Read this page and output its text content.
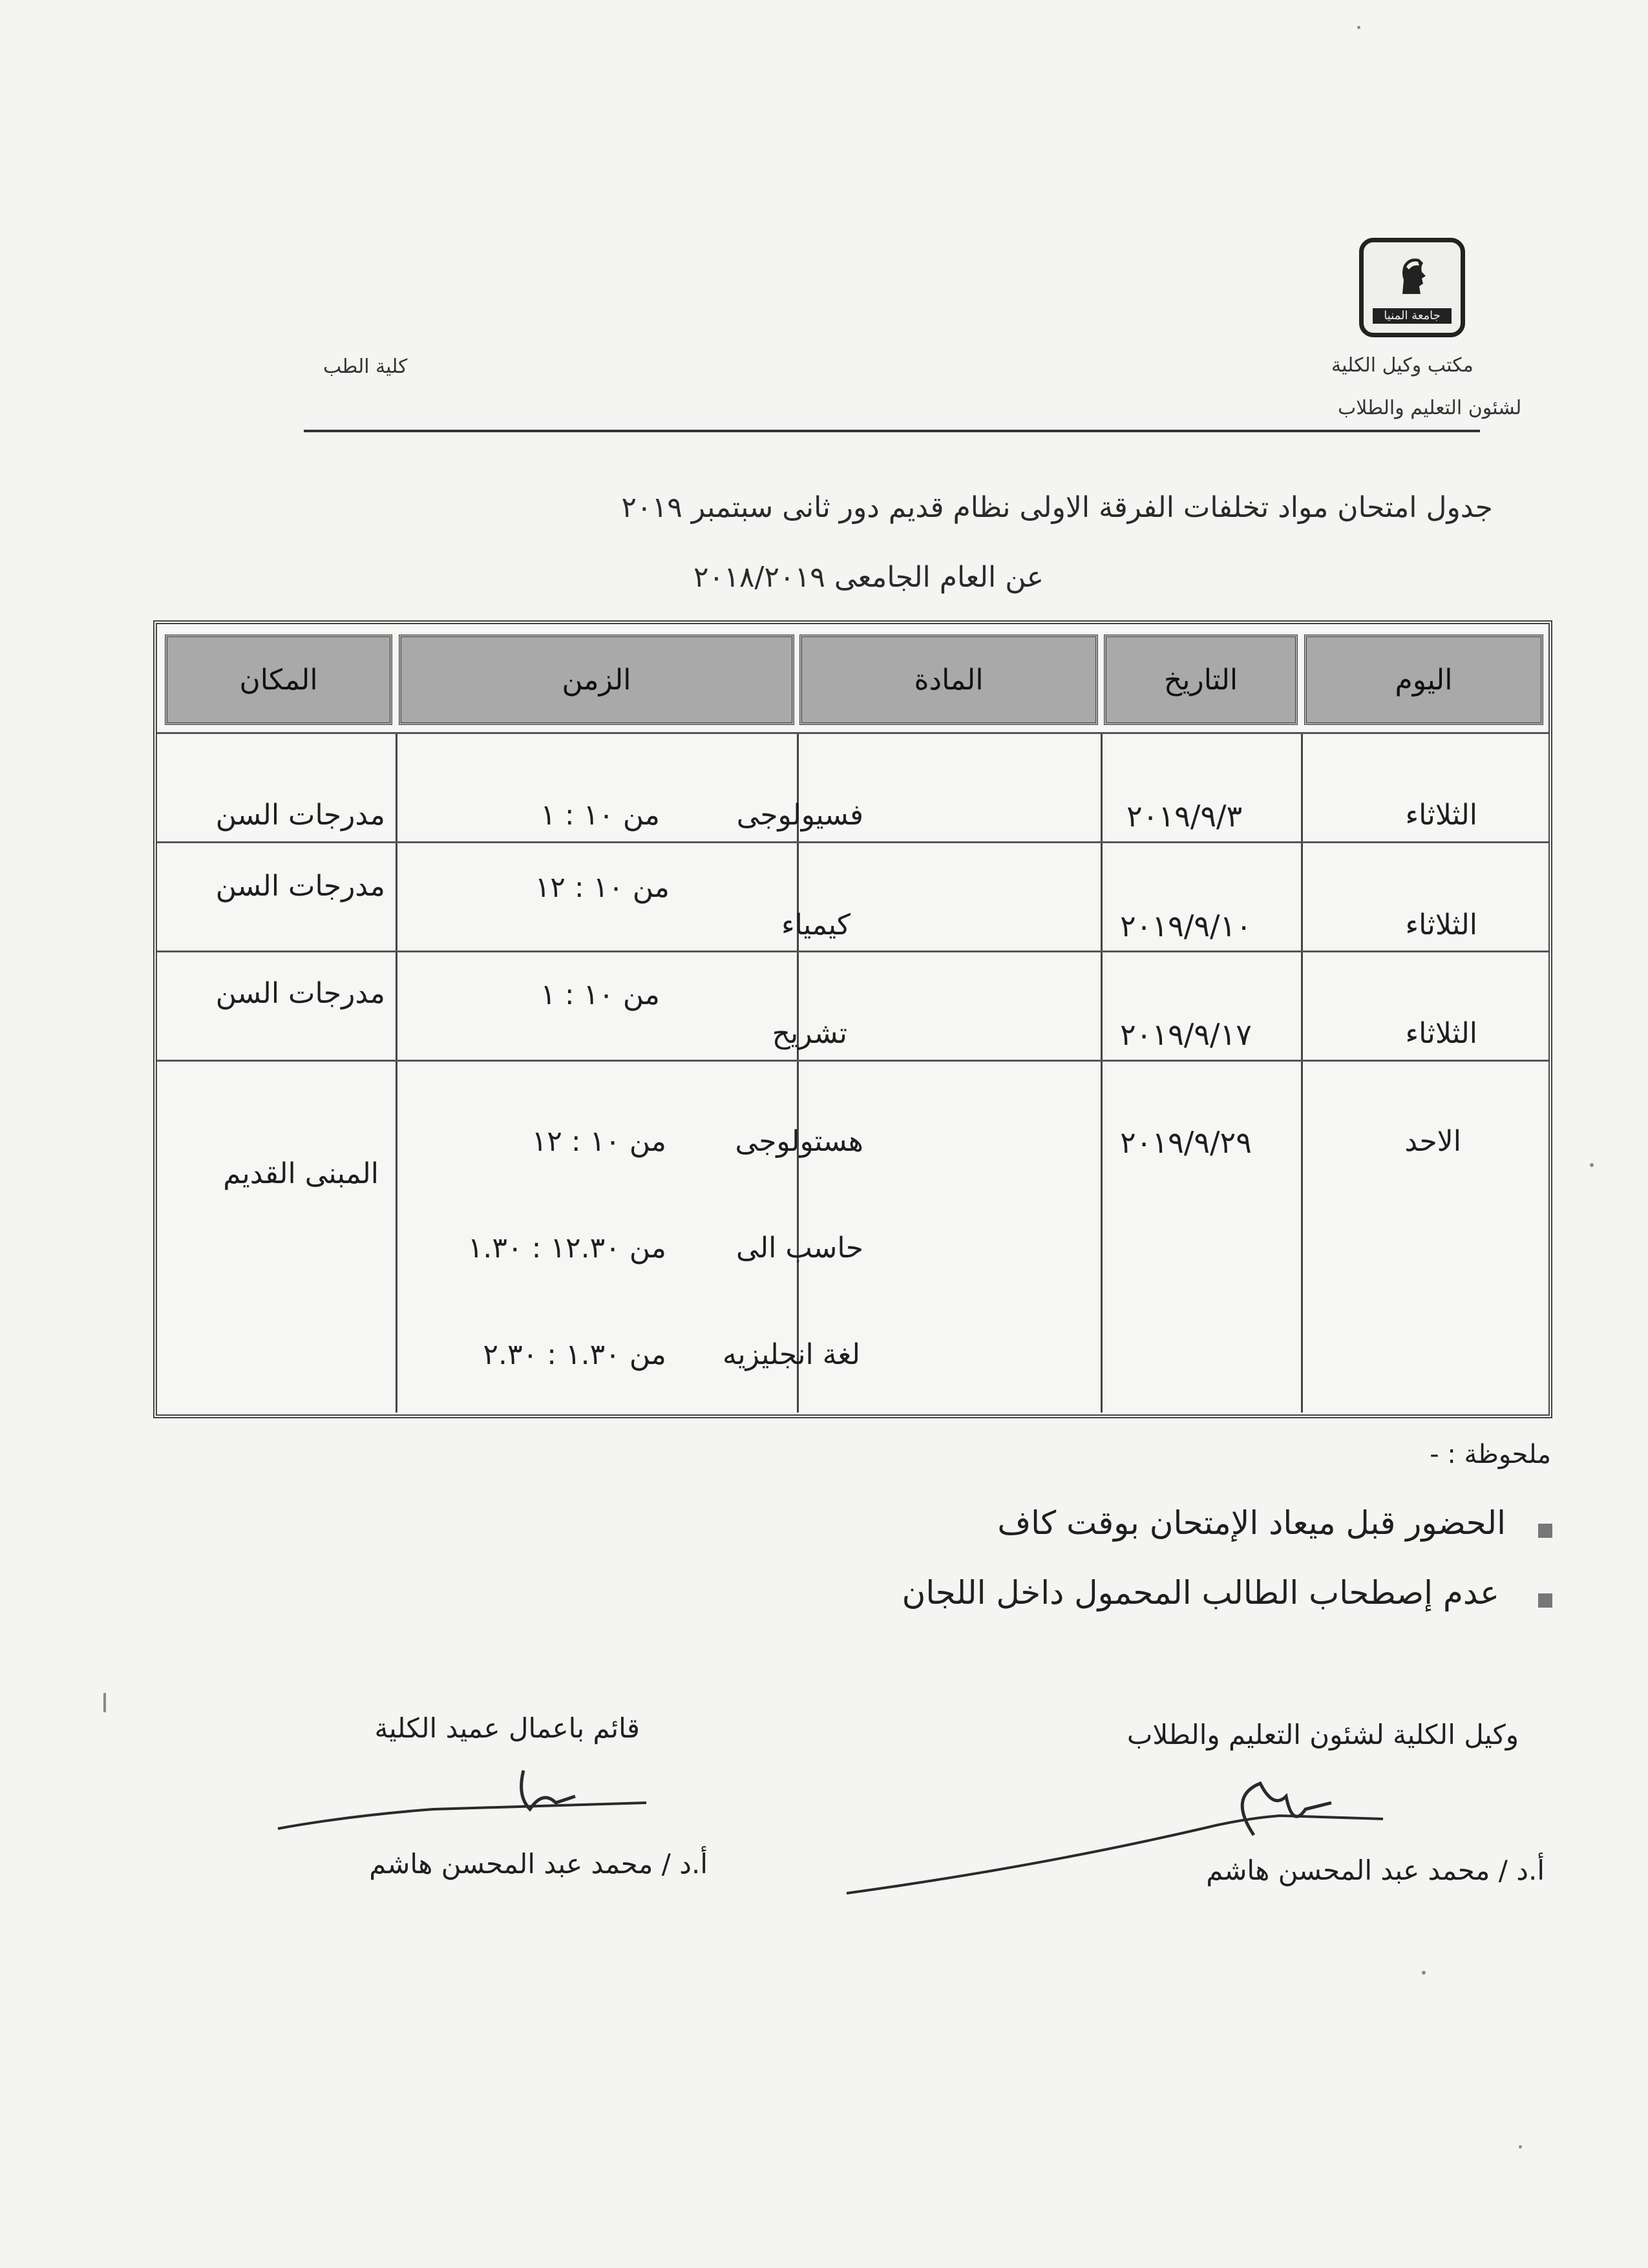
كلية الطب
جامعة المنيا
مكتب وكيل الكلية
لشئون التعليم والطلاب
جدول امتحان مواد تخلفات الفرقة الاولى نظام قديم دور ثانى سبتمبر ٢٠١٩
عن العام الجامعى ٢٠١٨/٢٠١٩
اليوم
التاريخ
المادة
الزمن
المكان
الثلاثاء
٢٠١٩/٩/٣
فسيولوجى
من ١٠ : ١
مدرجات السن
الثلاثاء
٢٠١٩/٩/١٠
كيمياء
من ١٠ : ١٢
مدرجات السن
الثلاثاء
٢٠١٩/٩/١٧
تشريح
من ١٠ : ١
مدرجات السن
الاحد
٢٠١٩/٩/٢٩
هستولوجى
حاسب الى
لغة انجليزيه
من ١٠ : ١٢
من ١٢.٣٠ : ١.٣٠
من ١.٣٠ : ٢.٣٠
المبنى القديم
ملحوظة : -
الحضور قبل ميعاد الإمتحان بوقت كاف
عدم إصطحاب الطالب المحمول داخل اللجان
وكيل الكلية لشئون التعليم والطلاب
قائم باعمال عميد الكلية
أ.د / محمد عبد المحسن هاشم
أ.د / محمد عبد المحسن هاشم
